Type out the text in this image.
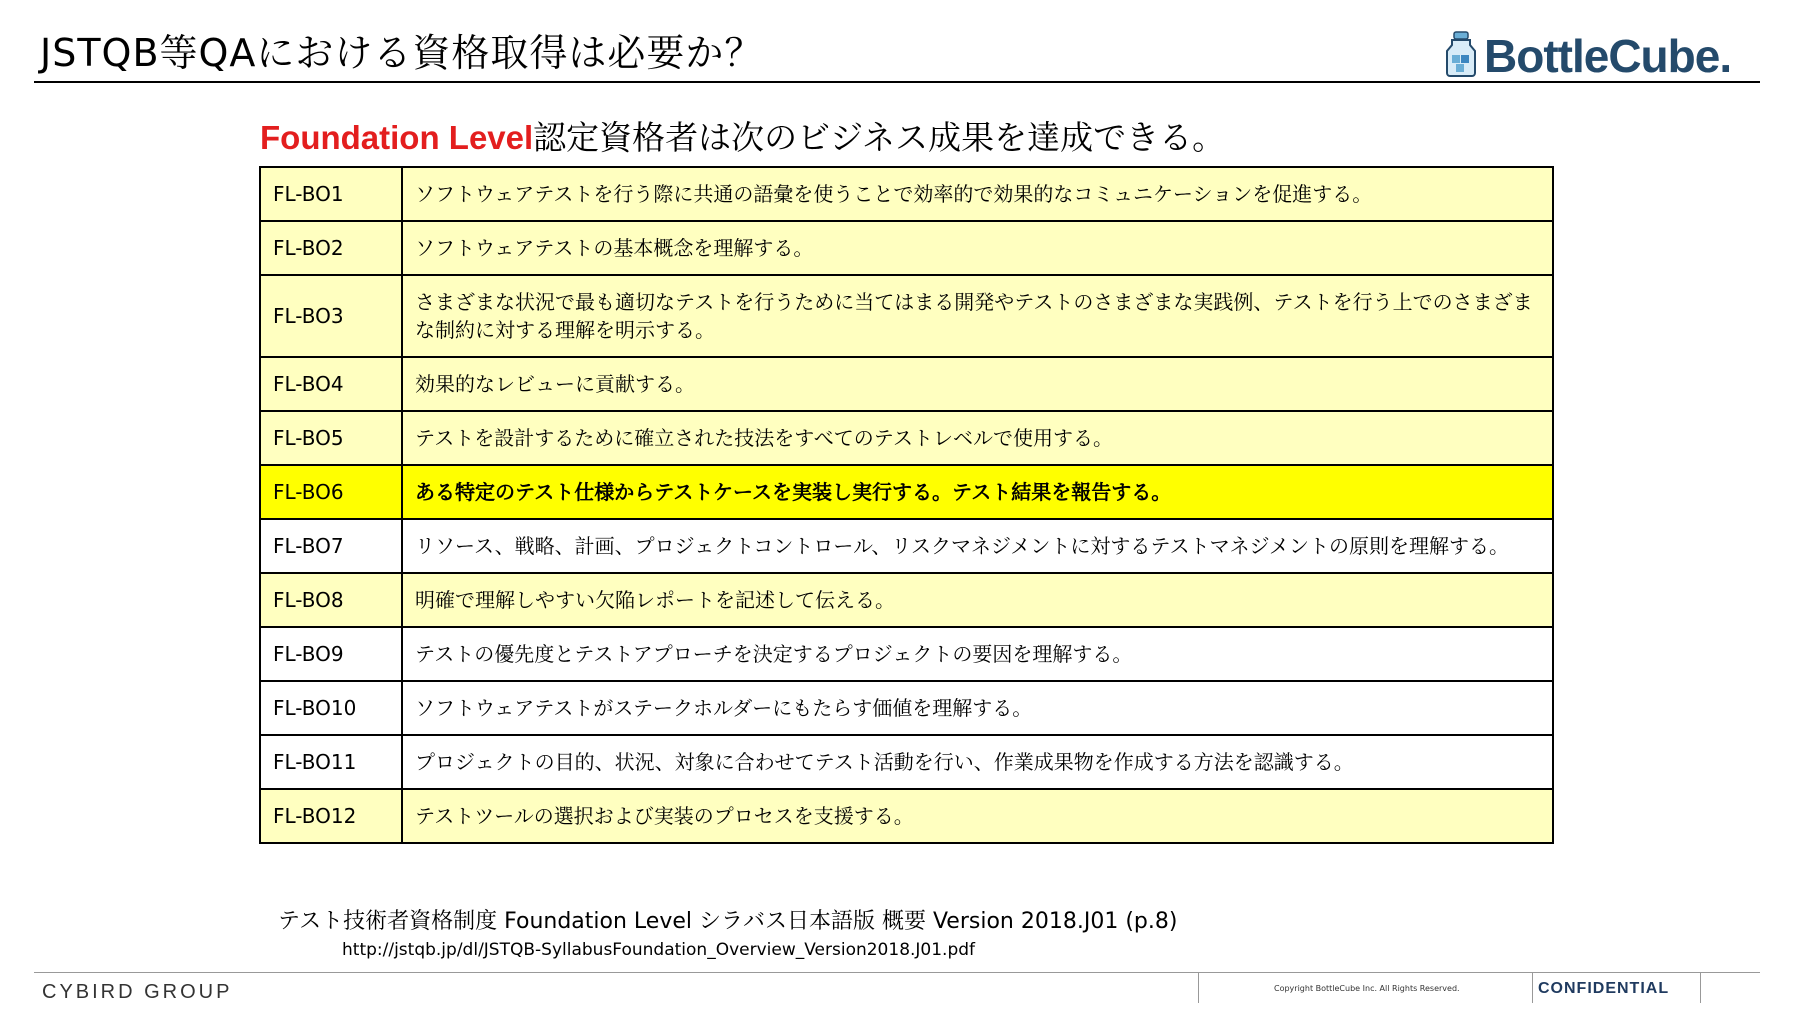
JSTQB等QAにおける資格取得は必要か？	BottleCube.
Foundation Level認定資格者は次のビジネス成果を達成できる。
FL-BO1	ソフトウェアテストを行う際に共通の語彙を使うことで効率的で効果的なコミュニケーションを促進する。
FL-BO2	ソフトウェアテストの基本概念を理解する。
FL-BO3	さまざまな状況で最も適切なテストを行うために当てはまる開発やテストのさまざまな実践例、テストを行う上でのさまざまな制約に対する理解を明示する。
FL-BO4	効果的なレビューに貢献する。
FL-BO5	テストを設計するために確立された技法をすべてのテストレベルで使用する。
FL-BO6	ある特定のテスト仕様からテストケースを実装し実行する。テスト結果を報告する。
FL-BO7	リソース、戦略、計画、プロジェクトコントロール、リスクマネジメントに対するテストマネジメントの原則を理解する。
FL-BO8	明確で理解しやすい欠陥レポートを記述して伝える。
FL-BO9	テストの優先度とテストアプローチを決定するプロジェクトの要因を理解する。
FL-BO10	ソフトウェアテストがステークホルダーにもたらす価値を理解する。
FL-BO11	プロジェクトの目的、状況、対象に合わせてテスト活動を行い、作業成果物を作成する方法を認識する。
FL-BO12	テストツールの選択および実装のプロセスを支援する。
テスト技術者資格制度 Foundation Level シラバス日本語版 概要 Version 2018.J01 (p.8)
http://jstqb.jp/dl/JSTQB-SyllabusFoundation_Overview_Version2018.J01.pdf
CYBIRD GROUP	Copyright BottleCube Inc. All Rights Reserved.	CONFIDENTIAL
